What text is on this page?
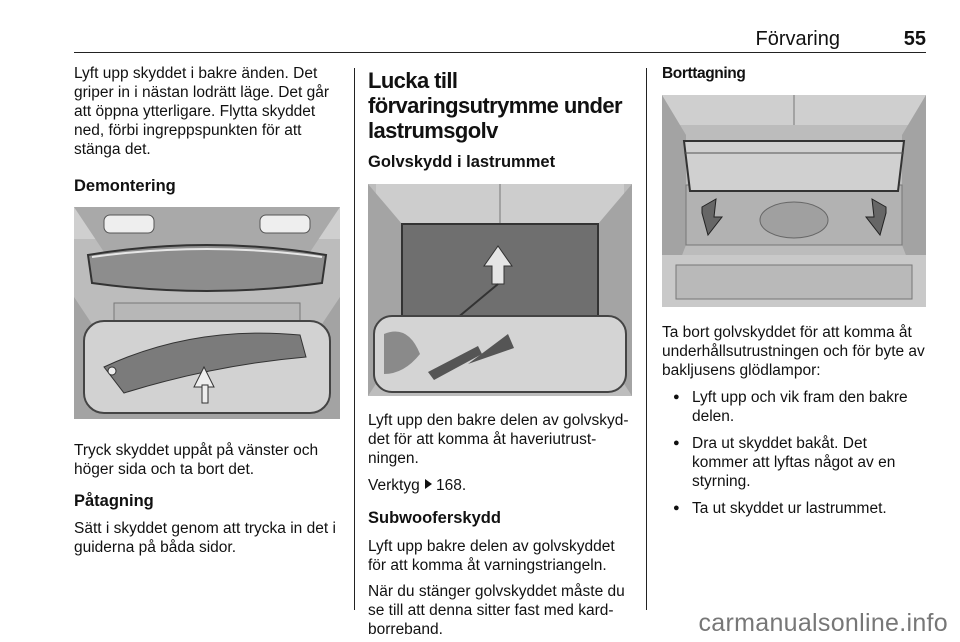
Förvaring	55

Lyft upp skyddet i bakre änden. Det griper in i nästan lodrätt läge. Det går att öppna ytterligare. Flytta skyddet ned, förbi ingreppspunkten för att stänga det.

Demontering

Tryck skyddet uppåt på vänster och höger sida och ta bort det.

Påtagning

Sätt i skyddet genom att trycka in det i guiderna på båda sidor.

Lucka till förvaringsutrymme under lastrumsgolv
Golvskydd i lastrummet

Lyft upp den bakre delen av golvskyd-det för att komma åt haveriutrust-ningen.

Verktyg 168.

Subwooferskydd

Lyft upp bakre delen av golvskyddet för att komma åt varningstriangeln.

När du stänger golvskyddet måste du se till att denna sitter fast med kard-borreband.

Borttagning

Ta bort golvskyddet för att komma åt underhållsutrustningen och för byte av bakljusens glödlampor:

● Lyft upp och vik fram den bakre delen.
● Dra ut skyddet bakåt. Det kommer att lyftas något av en styrning.
● Ta ut skyddet ur lastrummet.
carmanualsonline.info
